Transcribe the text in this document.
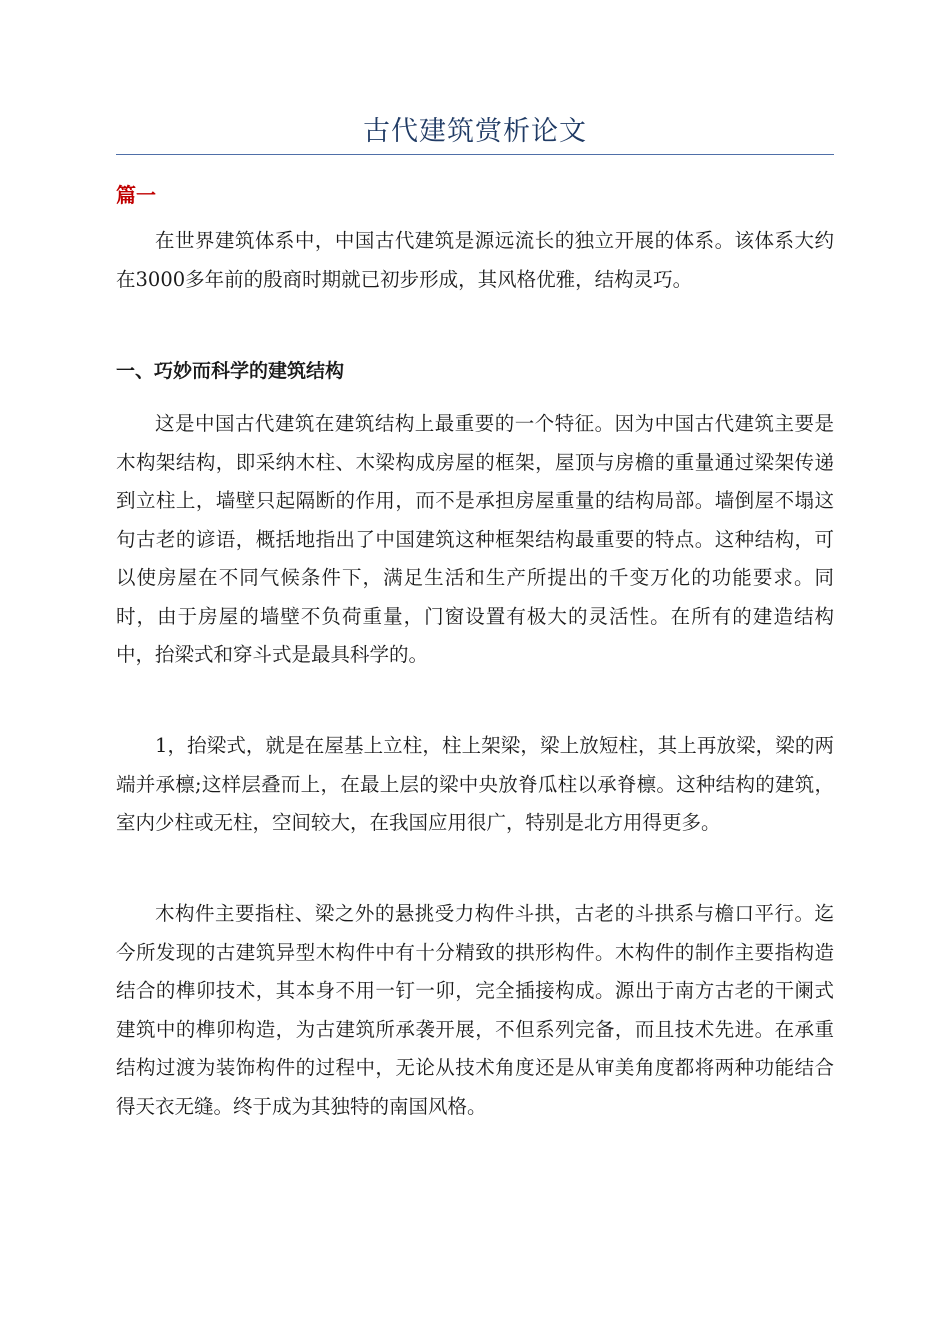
古代建筑赏析论文
篇一

在世界建筑体系中，中国古代建筑是源远流长的独立开展的体系。该体系大约在3000多年前的殷商时期就已初步形成，其风格优雅，结构灵巧。

一、巧妙而科学的建筑结构

这是中国古代建筑在建筑结构上最重要的一个特征。因为中国古代建筑主要是木构架结构，即采纳木柱、木梁构成房屋的框架，屋顶与房檐的重量通过梁架传递到立柱上，墙壁只起隔断的作用，而不是承担房屋重量的结构局部。墙倒屋不塌这句古老的谚语，概括地指出了中国建筑这种框架结构最重要的特点。这种结构，可以使房屋在不同气候条件下，满足生活和生产所提出的千变万化的功能要求。同时，由于房屋的墙壁不负荷重量，门窗设置有极大的灵活性。在所有的建造结构中，抬梁式和穿斗式是最具科学的。

1，抬梁式，就是在屋基上立柱，柱上架梁，梁上放短柱，其上再放梁，梁的两端并承檩;这样层叠而上，在最上层的梁中央放脊瓜柱以承脊檩。这种结构的建筑，室内少柱或无柱，空间较大，在我国应用很广，特别是北方用得更多。

木构件主要指柱、梁之外的悬挑受力构件斗拱，古老的斗拱系与檐口平行。迄今所发现的古建筑异型木构件中有十分精致的拱形构件。木构件的制作主要指构造结合的榫卯技术，其本身不用一钉一卯，完全插接构成。源出于南方古老的干阑式建筑中的榫卯构造，为古建筑所承袭开展，不但系列完备，而且技术先进。在承重结构过渡为装饰构件的过程中，无论从技术角度还是从审美角度都将两种功能结合得天衣无缝。终于成为其独特的南国风格。
